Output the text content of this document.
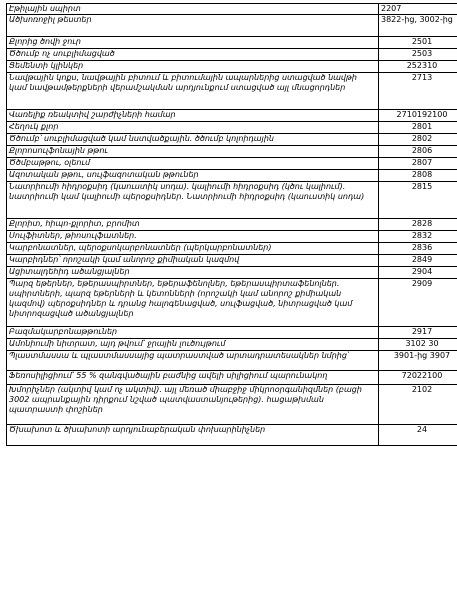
Էթիլային սպիրտ	2207
Ածխոռոջիլ թեստեր	3822-ից, 3002-ից
Քլորից ծովի ջուր	2501
Ծծումբ ոչ սուբլիմացված	2503
Ցեմենտի կլինկեր	252310
Նավթային կոքս, նավթային բիտում և բիտումային ապարներից ստացված նավթի կամ նավթամթերքների վերամշակման արդյունքում ստացված այլ մնացորդներ	2713
Վառելիք ռեակտիվ շարժիչների համար	2710192100
Հեղուկ քլոր	2801
Ծծումբ՝ սուբլիմացված կամ նստվածքային. ծծումբ կոլոիդային	2802
Քլորոսուլֆոնային թթու	2806
Ծծմբաթթու, օլեում	2807
Ազոտական թթու, սուլֆազոտական թթուներ	2808
Նատրիումի հիդրօքսիդ (կաուստիկ սոդա). կալիումի հիդրօքսիդ (կծու կալիում). նատրիումի կամ կալիումի պերօքսիդներ. Նատրիումի հիդրօքսիդ (կաուստիկ սոդա)	2815
Քլորիտ, հիպո-քլորիտ, բրոմիտ	2828
Սուլֆիտներ, թիոսուլֆատներ.	2832
Կարբոնատներ, պերօքսոկարբոնատներ (պերկարբոնատներ)	2836
Կարբիդներ՝ որոշակի կամ անորոշ քիմիական կազմով	2849
Ացիտալդեհիդ ածանցյալներ	2904
Պարզ եթերներ, եթերասպիրտներ, եթերաֆենոլներ, եթերասպիրտաֆենոլներ. սպիրտների, պարզ եթերների և կետոնների (որոշակի կամ անորոշ քիմիական կազմով) պերօքսիդներ և դրանց հալոգենացված, սուլֆացված, նիտրացված կամ նիտրոզացված ածանցյալներ	2909
Բազմակարբոնաթթուներ	2917
Ամոնիումի նիտրատ, այդ թվում՝ ջրային լուծույթում	3102 30
Պլաստմասսա և պլաստմասսայից պատրաստված արտադրատեսակներ նմրից՝	3901-ից 3907
Ֆեռոսիլիցիում՝ 55 % զանգվածային բաժնից ավելի սիլիցիում պարունակող	72022100
Խմորիչներ (ակտիվ կամ ոչ ակտիվ). այլ մեռած միաբջիջ միկրոօրգանիզմներ (բացի 3002 ապրանքային դիրքում նշված պատվաստանյութերից). հացաթխման պատրաստի փոշիներ	2102
Ծխախոտ և ծխախոտի արդյունաբերական փոխարինիչներ	24
